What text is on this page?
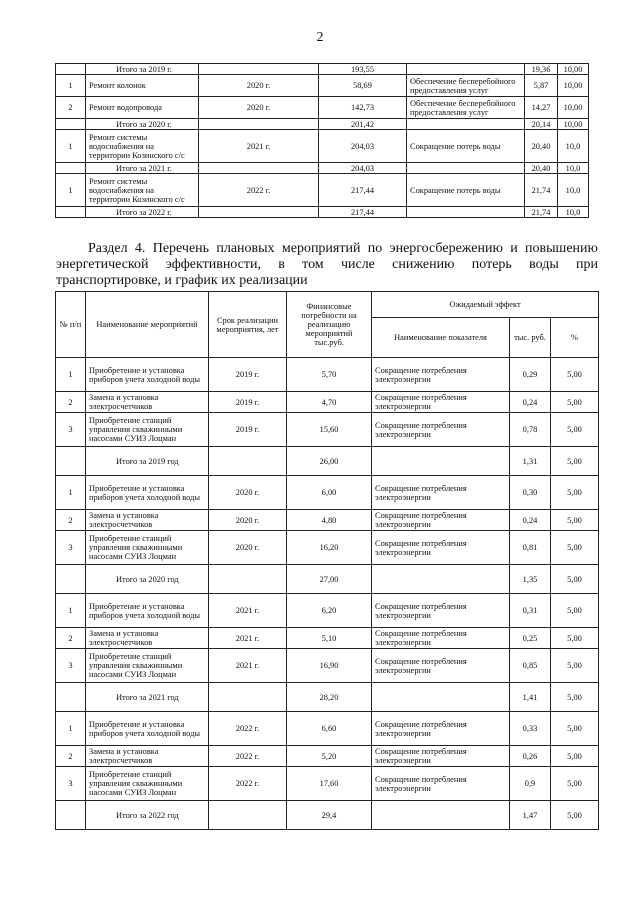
2
	Итого за 2019 г.		193,55		19,36	10,00
1	Ремонт колонок	2020 г.	58,69	Обеспечение бесперебойного предоставления услуг	5,87	10,00
2	Ремонт водопровода	2020 г.	142,73	Обеспечение бесперебойного предоставления услуг	14,27	10,00
	Итого за 2020 г.		201,42		20,14	10,00
1	Ремонт системы водоснабжения на территории Козинского с/с	2021 г.	204,03	Сокращение потерь воды	20,40	10,0
	Итого за 2021 г.		204,03		20,40	10,0
1	Ремонт системы водоснабжения на территории Козинского с/с	2022 г.	217,44	Сокращение потерь воды	21,74	10,0
	Итого за 2022 г.		217,44		21,74	10,0
Раздел 4. Перечень плановых мероприятий по энергосбережению и повышению
энергетической эффективности, в том числе снижению потерь воды при
транспортировке, и график их реализации
№ п/п	Наименование мероприятий	Срок реализации мероприятия, лет	Финансовые потребности на реализацию мероприятий тыс.руб.	Ожидаемый эффект		
				Наименование показателя	тыс. руб.	%
1	Приобретение и установка приборов учета холодной воды	2019 г.	5,70	Сокращение потребления электроэнергии	0,29	5,00
2	Замена и установка электросчетчиков	2019 г.	4,70	Сокращение потребления электроэнергии	0,24	5,00
3	Приобретение станций управления скважинными насосами СУИЗ Лоцман	2019 г.	15,60	Сокращение потребления электроэнергии	0,78	5,00
	Итого за 2019 год		26,00		1,31	5,00
1	Приобретение и установка приборов учета холодной воды	2020 г.	6,00	Сокращение потребления электроэнергии	0,30	5,00
2	Замена и установка электросчетчиков	2020 г.	4,80	Сокращение потребления электроэнергии	0,24	5,00
3	Приобретение станций управления скважинными насосами СУИЗ Лоцман	2020 г.	16,20	Сокращение потребления электроэнергии	0,81	5,00
	Итого за 2020 год		27,00		1,35	5,00
1	Приобретение и установка приборов учета холодной воды	2021 г.	6,20	Сокращение потребления электроэнергии	0,31	5,00
2	Замена и установка электросчетчиков	2021 г.	5,10	Сокращение потребления электроэнергии	0,25	5,00
3	Приобретение станций управления скважинными насосами СУИЗ Лоцман	2021 г.	16,90	Сокращение потребления электроэнергии	0,85	5,00
	Итого за 2021 год		28,20		1,41	5,00
1	Приобретение и установка приборов учета холодной воды	2022 г.	6,60	Сокращение потребления электроэнергии	0,33	5,00
2	Замена и установка электросчетчиков	2022 г.	5,20	Сокращение потребления электроэнергии	0,26	5,00
3	Приобретение станций управления скважинными насосами СУИЗ Лоцман	2022 г.	17,60	Сокращение потребления электроэнергии	0,9	5,00
	Итого за 2022 год		29,4		1,47	5,00
